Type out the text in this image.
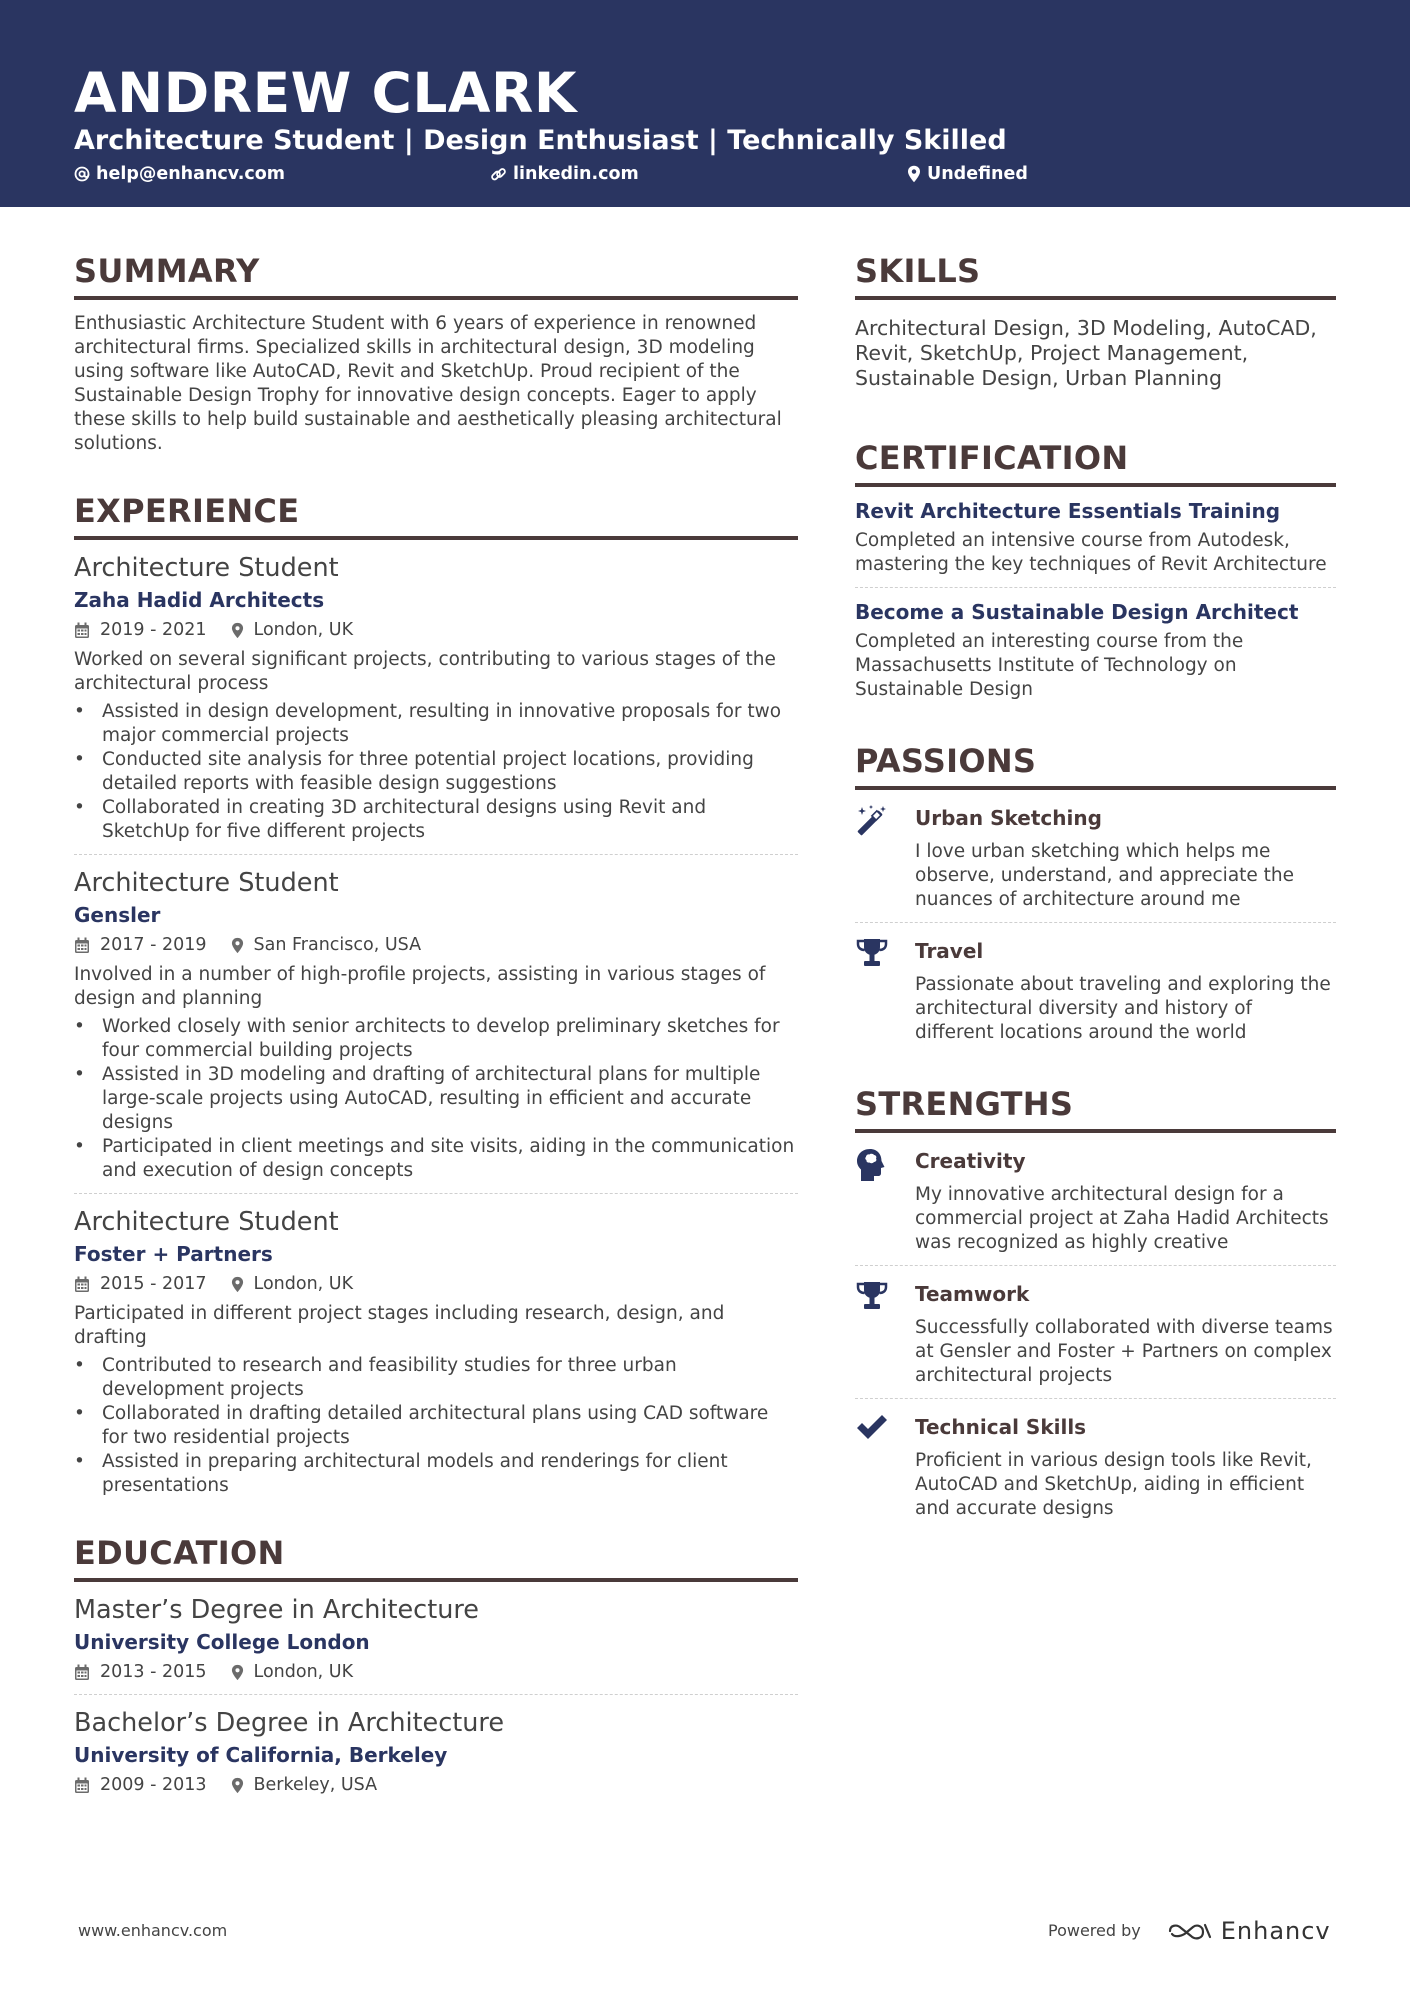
ANDREW CLARK
Architecture Student | Design Enthusiast | Technically Skilled
help@enhancv.com	linkedin.com	Undefined
SUMMARY

Enthusiastic Architecture Student with 6 years of experience in renowned architectural firms. Specialized skills in architectural design, 3D modeling using software like AutoCAD, Revit and SketchUp. Proud recipient of the Sustainable Design Trophy for innovative design concepts. Eager to apply these skills to help build sustainable and aesthetically pleasing architectural solutions.

EXPERIENCE
Architecture Student
Zaha Hadid Architects
2019 - 2021	London, UK
Worked on several significant projects, contributing to various stages of the architectural process
• Assisted in design development, resulting in innovative proposals for two major commercial projects
• Conducted site analysis for three potential project locations, providing detailed reports with feasible design suggestions
• Collaborated in creating 3D architectural designs using Revit and SketchUp for five different projects
Architecture Student
Gensler
2017 - 2019	San Francisco, USA
Involved in a number of high-profile projects, assisting in various stages of design and planning
• Worked closely with senior architects to develop preliminary sketches for four commercial building projects
• Assisted in 3D modeling and drafting of architectural plans for multiple large-scale projects using AutoCAD, resulting in efficient and accurate designs
• Participated in client meetings and site visits, aiding in the communication and execution of design concepts
Architecture Student
Foster + Partners
2015 - 2017	London, UK
Participated in different project stages including research, design, and drafting
• Contributed to research and feasibility studies for three urban development projects
• Collaborated in drafting detailed architectural plans using CAD software for two residential projects
• Assisted in preparing architectural models and renderings for client presentations
EDUCATION
Master’s Degree in Architecture
University College London
2013 - 2015	London, UK
Bachelor’s Degree in Architecture
University of California, Berkeley
2009 - 2013	Berkeley, USA
SKILLS
Architectural Design, 3D Modeling, AutoCAD, Revit, SketchUp, Project Management, Sustainable Design, Urban Planning
CERTIFICATION
Revit Architecture Essentials Training
Completed an intensive course from Autodesk, mastering the key techniques of Revit Architecture
Become a Sustainable Design Architect
Completed an interesting course from the Massachusetts Institute of Technology on Sustainable Design
PASSIONS
Urban Sketching
I love urban sketching which helps me observe, understand, and appreciate the nuances of architecture around me
Travel
Passionate about traveling and exploring the architectural diversity and history of different locations around the world
STRENGTHS
Creativity
My innovative architectural design for a commercial project at Zaha Hadid Architects was recognized as highly creative
Teamwork
Successfully collaborated with diverse teams at Gensler and Foster + Partners on complex architectural projects
Technical Skills
Proficient in various design tools like Revit, AutoCAD and SketchUp, aiding in efficient and accurate designs
www.enhancv.com	Powered by	Enhancv
